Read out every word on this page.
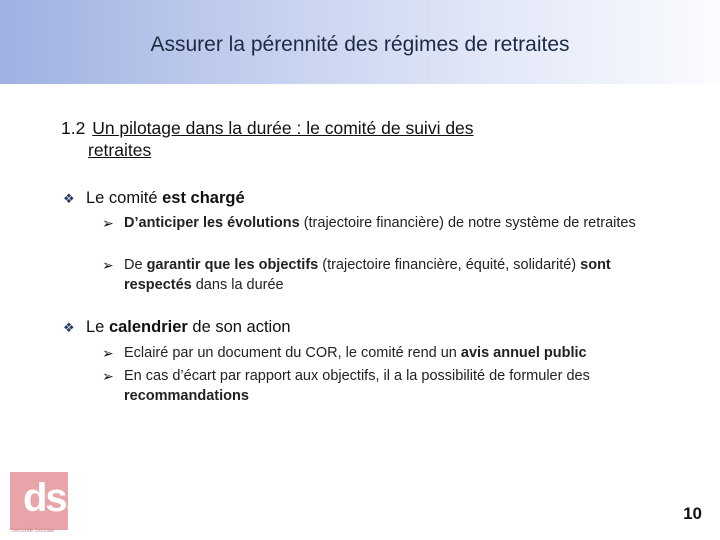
Assurer la pérennité des régimes de retraites
1.2 Un pilotage dans la durée : le comité de suivi des
retraites
❖ Le comité est chargé
➢ D’anticiper les évolutions (trajectoire financière) de notre système de retraites
➢ De garantir que les objectifs (trajectoire financière, équité, solidarité) sont respectés dans la durée
❖ Le calendrier de son action
➢ Eclairé par un document du COR, le comité rend un avis annuel public
➢ En cas d’écart par rapport aux objectifs, il a la possibilité de formuler des recommandations
dss
Sécurité Sociale
10
